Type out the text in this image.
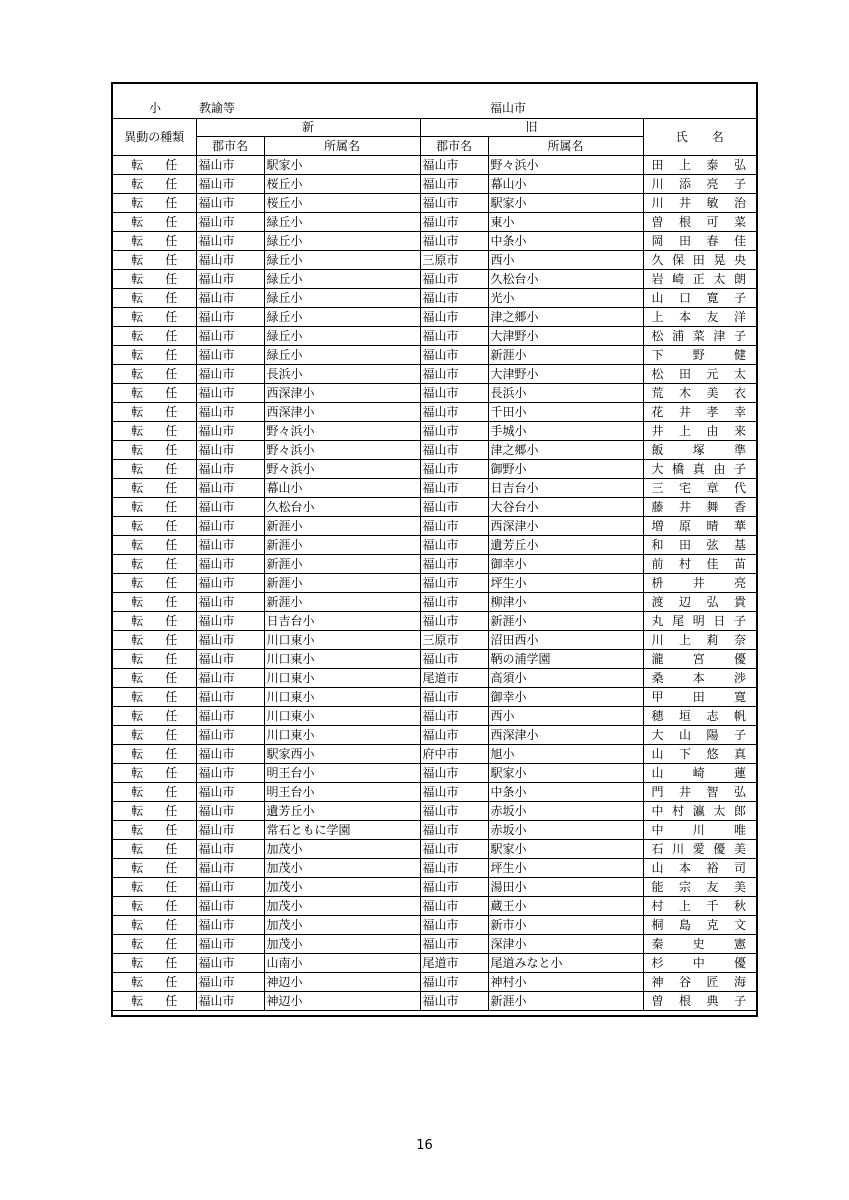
小	教諭等	福山市
異動の種類	新		旧		氏　　名
	郡市名	所属名	郡市名	所属名	
転 任	福山市	駅家小	福山市	野々浜小	田 上 泰 弘

転 任	福山市	桜丘小	福山市	幕山小	川 添 亮 子

転 任	福山市	桜丘小	福山市	駅家小	川 井 敏 治

転 任	福山市	緑丘小	福山市	東小	曽 根 可 菜

転 任	福山市	緑丘小	福山市	中条小	岡 田 春 佳

転 任	福山市	緑丘小	三原市	西小	久 保 田 晃 央

転 任	福山市	緑丘小	福山市	久松台小	岩 崎 正 太 朗

転 任	福山市	緑丘小	福山市	光小	山 口 寛 子

転 任	福山市	緑丘小	福山市	津之郷小	上 本 友 洋

転 任	福山市	緑丘小	福山市	大津野小	松 浦 菜 津 子

転 任	福山市	緑丘小	福山市	新涯小	下 野 健

転 任	福山市	長浜小	福山市	大津野小	松 田 元 太

転 任	福山市	西深津小	福山市	長浜小	荒 木 美 衣

転 任	福山市	西深津小	福山市	千田小	花 井 孝 幸

転 任	福山市	野々浜小	福山市	手城小	井 上 由 来

転 任	福山市	野々浜小	福山市	津之郷小	飯 塚 準

転 任	福山市	野々浜小	福山市	御野小	大 橋 真 由 子

転 任	福山市	幕山小	福山市	日吉台小	三 宅 章 代

転 任	福山市	久松台小	福山市	大谷台小	藤 井 舞 香

転 任	福山市	新涯小	福山市	西深津小	増 原 晴 華

転 任	福山市	新涯小	福山市	遺芳丘小	和 田 弦 基

転 任	福山市	新涯小	福山市	御幸小	前 村 佳 苗

転 任	福山市	新涯小	福山市	坪生小	枡 井 亮

転 任	福山市	新涯小	福山市	柳津小	渡 辺 弘 貴

転 任	福山市	日吉台小	福山市	新涯小	丸 尾 明 日 子

転 任	福山市	川口東小	三原市	沼田西小	川 上 莉 奈

転 任	福山市	川口東小	福山市	鞆の浦学園	瀧 宮 優

転 任	福山市	川口東小	尾道市	高須小	桑 本 渉

転 任	福山市	川口東小	福山市	御幸小	甲 田 寛

転 任	福山市	川口東小	福山市	西小	穂 垣 志 帆

転 任	福山市	川口東小	福山市	西深津小	大 山 陽 子

転 任	福山市	駅家西小	府中市	旭小	山 下 悠 真

転 任	福山市	明王台小	福山市	駅家小	山 崎 蓮

転 任	福山市	明王台小	福山市	中条小	門 井 智 弘

転 任	福山市	遺芳丘小	福山市	赤坂小	中 村 瀛 太 郎

転 任	福山市	常石ともに学園	福山市	赤坂小	中 川 唯

転 任	福山市	加茂小	福山市	駅家小	石 川 愛 優 美

転 任	福山市	加茂小	福山市	坪生小	山 本 裕 司

転 任	福山市	加茂小	福山市	湯田小	能 宗 友 美

転 任	福山市	加茂小	福山市	蔵王小	村 上 千 秋

転 任	福山市	加茂小	福山市	新市小	桐 島 克 文

転 任	福山市	加茂小	福山市	深津小	秦 史 憲

転 任	福山市	山南小	尾道市	尾道みなと小	杉 中 優

転 任	福山市	神辺小	福山市	神村小	神 谷 匠 海

転 任	福山市	神辺小	福山市	新涯小	曽 根 典 子
16
